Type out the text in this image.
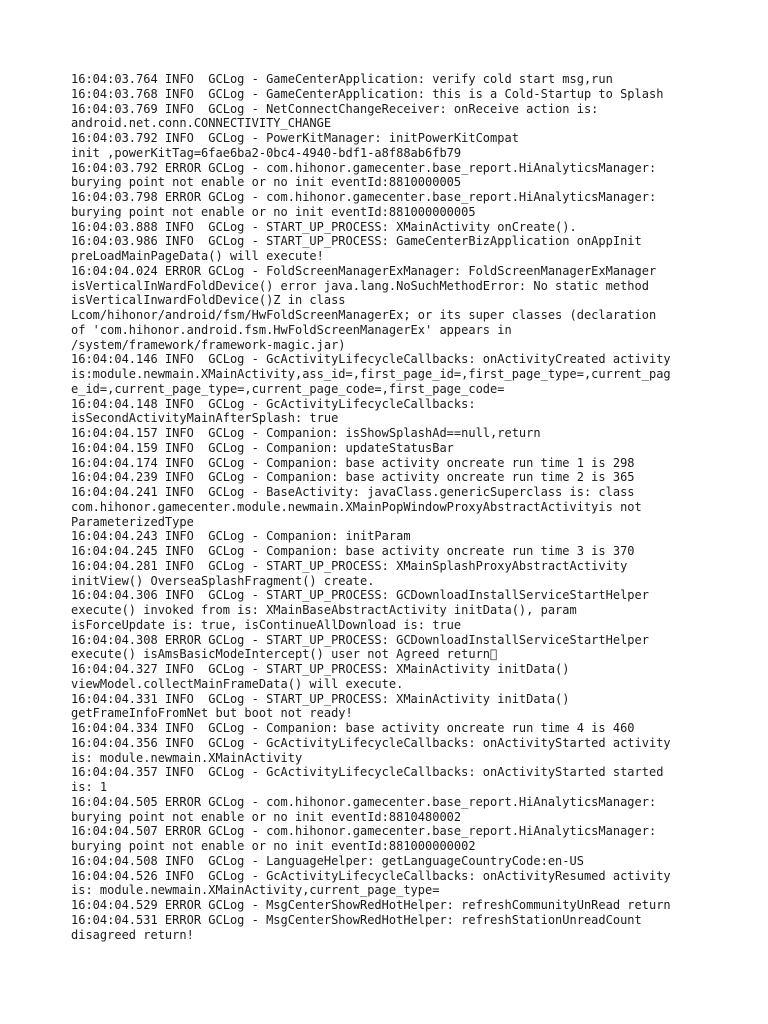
16:04:03.764 INFO  GCLog - GameCenterApplication: verify cold start msg,run
16:04:03.768 INFO  GCLog - GameCenterApplication: this is a Cold-Startup to Splash
16:04:03.769 INFO  GCLog - NetConnectChangeReceiver: onReceive action is:
android.net.conn.CONNECTIVITY_CHANGE
16:04:03.792 INFO  GCLog - PowerKitManager: initPowerKitCompat
init ,powerKitTag=6fae6ba2-0bc4-4940-bdf1-a8f88ab6fb79
16:04:03.792 ERROR GCLog - com.hihonor.gamecenter.base_report.HiAnalyticsManager:
burying point not enable or no init eventId:8810000005
16:04:03.798 ERROR GCLog - com.hihonor.gamecenter.base_report.HiAnalyticsManager:
burying point not enable or no init eventId:881000000005
16:04:03.888 INFO  GCLog - START_UP_PROCESS: XMainActivity onCreate().
16:04:03.986 INFO  GCLog - START_UP_PROCESS: GameCenterBizApplication onAppInit
preLoadMainPageData() will execute!
16:04:04.024 ERROR GCLog - FoldScreenManagerExManager: FoldScreenManagerExManager
isVerticalInWardFoldDevice() error java.lang.NoSuchMethodError: No static method
isVerticalInwardFoldDevice()Z in class
Lcom/hihonor/android/fsm/HwFoldScreenManagerEx; or its super classes (declaration
of 'com.hihonor.android.fsm.HwFoldScreenManagerEx' appears in
/system/framework/framework-magic.jar)
16:04:04.146 INFO  GCLog - GcActivityLifecycleCallbacks: onActivityCreated activity
is:module.newmain.XMainActivity,ass_id=,first_page_id=,first_page_type=,current_pag
e_id=,current_page_type=,current_page_code=,first_page_code=
16:04:04.148 INFO  GCLog - GcActivityLifecycleCallbacks:
isSecondActivityMainAfterSplash: true
16:04:04.157 INFO  GCLog - Companion: isShowSplashAd==null,return
16:04:04.159 INFO  GCLog - Companion: updateStatusBar
16:04:04.174 INFO  GCLog - Companion: base activity oncreate run time 1 is 298
16:04:04.239 INFO  GCLog - Companion: base activity oncreate run time 2 is 365
16:04:04.241 INFO  GCLog - BaseActivity: javaClass.genericSuperclass is: class
com.hihonor.gamecenter.module.newmain.XMainPopWindowProxyAbstractActivityis not
ParameterizedType
16:04:04.243 INFO  GCLog - Companion: initParam
16:04:04.245 INFO  GCLog - Companion: base activity oncreate run time 3 is 370
16:04:04.281 INFO  GCLog - START_UP_PROCESS: XMainSplashProxyAbstractActivity
initView() OverseaSplashFragment() create.
16:04:04.306 INFO  GCLog - START_UP_PROCESS: GCDownloadInstallServiceStartHelper
execute() invoked from is: XMainBaseAbstractActivity initData(), param
isForceUpdate is: true, isContinueAllDownload is: true
16:04:04.308 ERROR GCLog - START_UP_PROCESS: GCDownloadInstallServiceStartHelper
execute() isAmsBasicModeIntercept() user not Agreed return 
16:04:04.327 INFO  GCLog - START_UP_PROCESS: XMainActivity initData()
viewModel.collectMainFrameData() will execute.
16:04:04.331 INFO  GCLog - START_UP_PROCESS: XMainActivity initData()
getFrameInfoFromNet but boot not ready!
16:04:04.334 INFO  GCLog - Companion: base activity oncreate run time 4 is 460
16:04:04.356 INFO  GCLog - GcActivityLifecycleCallbacks: onActivityStarted activity
is: module.newmain.XMainActivity
16:04:04.357 INFO  GCLog - GcActivityLifecycleCallbacks: onActivityStarted started
is: 1
16:04:04.505 ERROR GCLog - com.hihonor.gamecenter.base_report.HiAnalyticsManager:
burying point not enable or no init eventId:8810480002
16:04:04.507 ERROR GCLog - com.hihonor.gamecenter.base_report.HiAnalyticsManager:
burying point not enable or no init eventId:881000000002
16:04:04.508 INFO  GCLog - LanguageHelper: getLanguageCountryCode:en-US
16:04:04.526 INFO  GCLog - GcActivityLifecycleCallbacks: onActivityResumed activity
is: module.newmain.XMainActivity,current_page_type=
16:04:04.529 ERROR GCLog - MsgCenterShowRedHotHelper: refreshCommunityUnRead return
16:04:04.531 ERROR GCLog - MsgCenterShowRedHotHelper: refreshStationUnreadCount
disagreed return!
